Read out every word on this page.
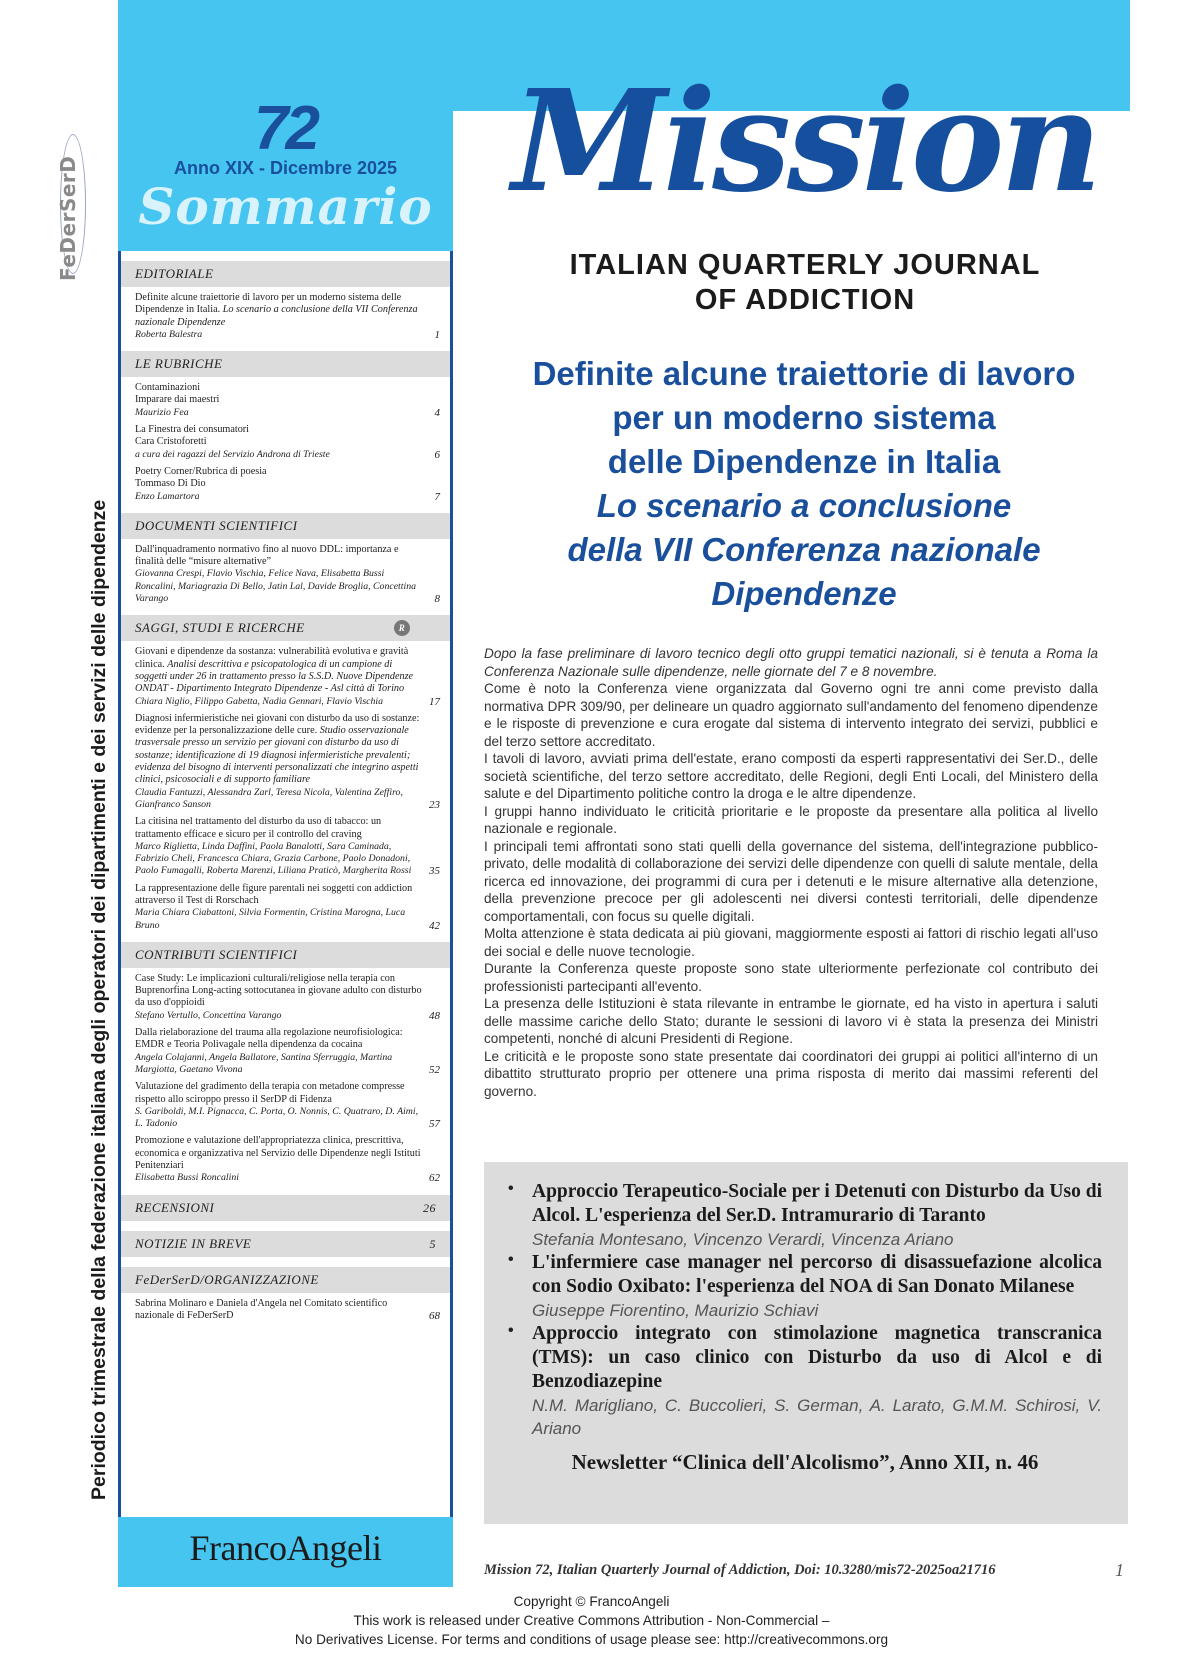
FeDerSerD
Periodico trimestrale della federazione italiana degli operatori dei dipartimenti e dei servizi delle dipendenze
72
Anno XIX - Dicembre 2025
Sommario
EDITORIALE
Definite alcune traiettorie di lavoro per un moderno sistema delle Dipendenze in Italia. Lo scenario a conclusione della VII Conferenza nazionale Dipendenze
Roberta Balestra	1
LE RUBRICHE
Contaminazioni
Imparare dai maestri
Maurizio Fea	4
La Finestra dei consumatori
Cara Cristoforetti
a cura dei ragazzi del Servizio Androna di Trieste	6
Poetry Corner/Rubrica di poesia
Tommaso Di Dio
Enzo Lamartora	7
DOCUMENTI SCIENTIFICI
Dall'inquadramento normativo fino al nuovo DDL: importanza e finalità delle “misure alternative”
Giovanna Crespi, Flavio Vischia, Felice Nava, Elisabetta Bussi Roncalini, Mariagrazia Di Bello, Jatin Lal, Davide Broglia, Concettina Varango	8
SAGGI, STUDI E RICERCHE	R
Giovani e dipendenze da sostanza: vulnerabilità evolutiva e gravità clinica. Analisi descrittiva e psicopatologica di un campione di soggetti under 26 in trattamento presso la S.S.D. Nuove Dipendenze ONDAT - Dipartimento Integrato Dipendenze - Asl città di Torino
Chiara Niglio, Filippo Gabetta, Nadia Gennari, Flavio Vischia	17
Diagnosi infermieristiche nei giovani con disturbo da uso di sostanze: evidenze per la personalizzazione delle cure. Studio osservazionale trasversale presso un servizio per giovani con disturbo da uso di sostanze; identificazione di 19 diagnosi infermieristiche prevalenti; evidenza del bisogno di interventi personalizzati che integrino aspetti clinici, psicosociali e di supporto familiare
Claudia Fantuzzi, Alessandra Zarl, Teresa Nicola, Valentina Zeffiro, Gianfranco Sanson	23
La citisina nel trattamento del disturbo da uso di tabacco: un trattamento efficace e sicuro per il controllo del craving
Marco Riglietta, Linda Daffini, Paola Banalotti, Sara Caminada, Fabrizio Cheli, Francesca Chiara, Grazia Carbone, Paolo Donadoni, Paolo Fumagalli, Roberta Marenzi, Liliana Praticò, Margherita Rossi	35
La rappresentazione delle figure parentali nei soggetti con addiction attraverso il Test di Rorschach
Maria Chiara Ciabattoni, Silvia Formentin, Cristina Marogna, Luca Bruno	42
CONTRIBUTI SCIENTIFICI
Case Study: Le implicazioni culturali/religiose nella terapia con Buprenorfina Long-acting sottocutanea in giovane adulto con disturbo da uso d'oppioidi
Stefano Vertullo, Concettina Varango	48
Dalla rielaborazione del trauma alla regolazione neurofisiologica: EMDR e Teoria Polivagale nella dipendenza da cocaina
Angela Colajanni, Angela Ballatore, Santina Sferruggia, Martina Margiotta, Gaetano Vivona	52
Valutazione del gradimento della terapia con metadone compresse rispetto allo sciroppo presso il SerDP di Fidenza
S. Gariboldi, M.I. Pignacca, C. Porta, O. Nonnis, C. Quatraro, D. Aimi, L. Tadonio	57
Promozione e valutazione dell'appropriatezza clinica, prescrittiva, economica e organizzativa nel Servizio delle Dipendenze negli Istituti Penitenziari
Elisabetta Bussi Roncalini	62
RECENSIONI	26
NOTIZIE IN BREVE	5
FeDerSerD/ORGANIZZAZIONE
Sabrina Molinaro e Daniela d'Angela nel Comitato scientifico nazionale di FeDerSerD	68
FrancoAngeli
Mission
ITALIAN QUARTERLY JOURNAL
OF ADDICTION
Definite alcune traiettorie di lavoro
per un moderno sistema
delle Dipendenze in Italia
Lo scenario a conclusione
della VII Conferenza nazionale
Dipendenze

Dopo la fase preliminare di lavoro tecnico degli otto gruppi tematici nazionali, si è tenuta a Roma la Conferenza Nazionale sulle dipendenze, nelle giornate del 7 e 8 novembre.

Come è noto la Conferenza viene organizzata dal Governo ogni tre anni come previsto dalla normativa DPR 309/90, per delineare un quadro aggiornato sull'andamento del fenomeno dipendenze e le risposte di prevenzione e cura erogate dal sistema di intervento integrato dei servizi, pubblici e del terzo settore accreditato.

I tavoli di lavoro, avviati prima dell'estate, erano composti da esperti rappresentativi dei Ser.D., delle società scientifiche, del terzo settore accreditato, delle Regioni, degli Enti Locali, del Ministero della salute e del Dipartimento politiche contro la droga e le altre dipendenze.

I gruppi hanno individuato le criticità prioritarie e le proposte da presentare alla politica al livello nazionale e regionale.

I principali temi affrontati sono stati quelli della governance del sistema, dell'integrazione pubblico-privato, delle modalità di collaborazione dei servizi delle dipendenze con quelli di salute mentale, della ricerca ed innovazione, dei programmi di cura per i detenuti e le misure alternative alla detenzione, della prevenzione precoce per gli adolescenti nei diversi contesti territoriali, delle dipendenze comportamentali, con focus su quelle digitali.

Molta attenzione è stata dedicata ai più giovani, maggiormente esposti ai fattori di rischio legati all'uso dei social e delle nuove tecnologie.

Durante la Conferenza queste proposte sono state ulteriormente perfezionate col contributo dei professionisti partecipanti all'evento.

La presenza delle Istituzioni è stata rilevante in entrambe le giornate, ed ha visto in apertura i saluti delle massime cariche dello Stato; durante le sessioni di lavoro vi è stata la presenza dei Ministri competenti, nonché di alcuni Presidenti di Regione.

Le criticità e le proposte sono state presentate dai coordinatori dei gruppi ai politici all'interno di un dibattito strutturato proprio per ottenere una prima risposta di merito dai massimi referenti del governo.

• Approccio Terapeutico-Sociale per i Detenuti con Disturbo da Uso di Alcol. L'esperienza del Ser.D. Intramurario di Taranto
Stefania Montesano, Vincenzo Verardi, Vincenza Ariano
• L'infermiere case manager nel percorso di disassuefazione alcolica con Sodio Oxibato: l'esperienza del NOA di San Donato Milanese
Giuseppe Fiorentino, Maurizio Schiavi
• Approccio integrato con stimolazione magnetica transcranica (TMS): un caso clinico con Disturbo da uso di Alcol e di Benzodiazepine
N.M. Marigliano, C. Buccolieri, S. German, A. Larato, G.M.M. Schirosi, V. Ariano
Newsletter “Clinica dell'Alcolismo”, Anno XII, n. 46
Mission 72, Italian Quarterly Journal of Addiction, Doi: 10.3280/mis72-2025oa21716	1
Copyright © FrancoAngeli
This work is released under Creative Commons Attribution - Non-Commercial –
No Derivatives License. For terms and conditions of usage please see: http://creativecommons.org
